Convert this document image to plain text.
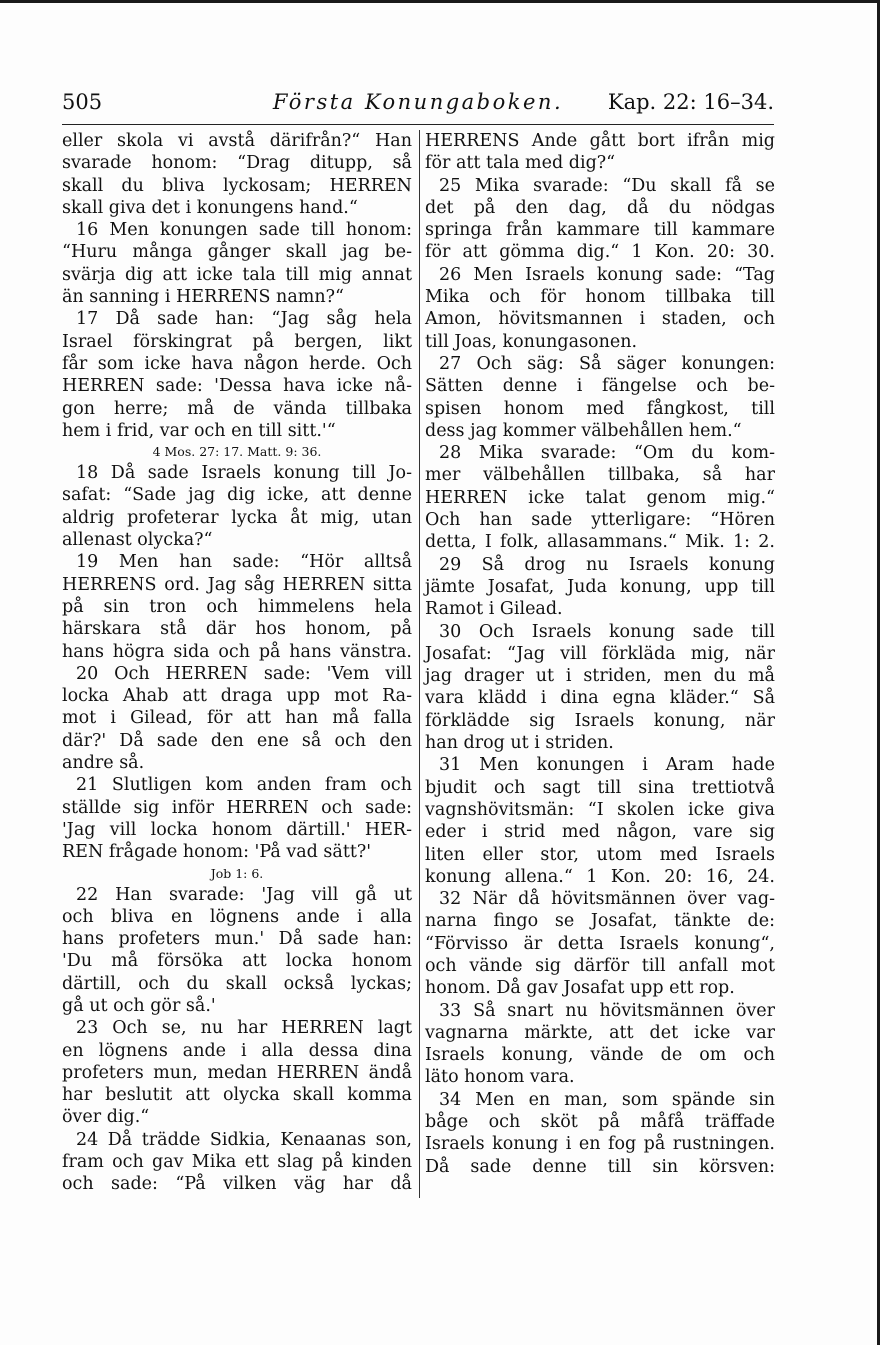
505	Första Konungaboken.	Kap. 22: 16–34.
eller skola vi avstå därifrån?“ Han
svarade honom: “Drag ditupp, så
skall du bliva lyckosam; HERREN
skall giva det i konungens hand.“
16 Men konungen sade till honom:
“Huru många gånger skall jag be-
svärja dig att icke tala till mig annat
än sanning i HERRENS namn?“
17 Då sade han: “Jag såg hela
Israel förskingrat på bergen, likt
får som icke hava någon herde. Och
HERREN sade: 'Dessa hava icke nå-
gon herre; må de vända tillbaka
hem i frid, var och en till sitt.'“
4 Mos. 27: 17. Matt. 9: 36.
18 Då sade Israels konung till Jo-
safat: “Sade jag dig icke, att denne
aldrig profeterar lycka åt mig, utan
allenast olycka?“
19 Men han sade: “Hör alltså
HERRENS ord. Jag såg HERREN sitta
på sin tron och himmelens hela
härskara stå där hos honom, på
hans högra sida och på hans vänstra.
20 Och HERREN sade: 'Vem vill
locka Ahab att draga upp mot Ra-
mot i Gilead, för att han må falla
där?' Då sade den ene så och den
andre så.
21 Slutligen kom anden fram och
ställde sig inför HERREN och sade:
'Jag vill locka honom därtill.' HER-
REN frågade honom: 'På vad sätt?'
Job 1: 6.
22 Han svarade: 'Jag vill gå ut
och bliva en lögnens ande i alla
hans profeters mun.' Då sade han:
'Du må försöka att locka honom
därtill, och du skall också lyckas;
gå ut och gör så.'
23 Och se, nu har HERREN lagt
en lögnens ande i alla dessa dina
profeters mun, medan HERREN ändå
har beslutit att olycka skall komma
över dig.“
24 Då trädde Sidkia, Kenaanas son,
fram och gav Mika ett slag på kinden
och sade: “På vilken väg har då
HERRENS Ande gått bort ifrån mig
för att tala med dig?“
25 Mika svarade: “Du skall få se
det på den dag, då du nödgas
springa från kammare till kammare
för att gömma dig.“ 1 Kon. 20: 30.
26 Men Israels konung sade: “Tag
Mika och för honom tillbaka till
Amon, hövitsmannen i staden, och
till Joas, konungasonen.
27 Och säg: Så säger konungen:
Sätten denne i fängelse och be-
spisen honom med fångkost, till
dess jag kommer välbehållen hem.“
28 Mika svarade: “Om du kom-
mer välbehållen tillbaka, så har
HERREN icke talat genom mig.“
Och han sade ytterligare: “Hören
detta, I folk, allasammans.“ Mik. 1: 2.
29 Så drog nu Israels konung
jämte Josafat, Juda konung, upp till
Ramot i Gilead.
30 Och Israels konung sade till
Josafat: “Jag vill förkläda mig, när
jag drager ut i striden, men du må
vara klädd i dina egna kläder.“ Så
förklädde sig Israels konung, när
han drog ut i striden.
31 Men konungen i Aram hade
bjudit och sagt till sina trettiotvå
vagnshövitsmän: “I skolen icke giva
eder i strid med någon, vare sig
liten eller stor, utom med Israels
konung allena.“ 1 Kon. 20: 16, 24.
32 När då hövitsmännen över vag-
narna fingo se Josafat, tänkte de:
“Förvisso är detta Israels konung“,
och vände sig därför till anfall mot
honom. Då gav Josafat upp ett rop.
33 Så snart nu hövitsmännen över
vagnarna märkte, att det icke var
Israels konung, vände de om och
läto honom vara.
34 Men en man, som spände sin
båge och sköt på måfå träffade
Israels konung i en fog på rustningen.
Då sade denne till sin körsven:
